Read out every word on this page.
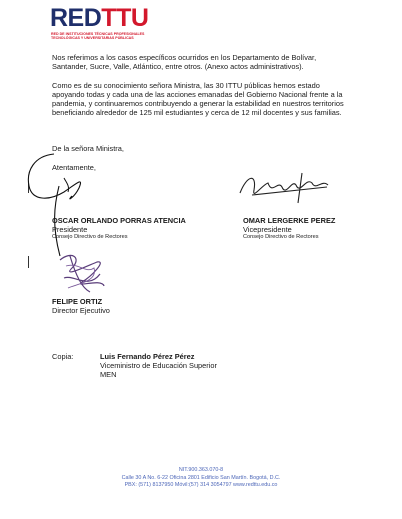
REDTTU
RED DE INSTITUCIONES TÉCNICAS PROFESIONALES
TECNOLÓGICAS Y UNIVERSITARIAS PÚBLICAS
Nos referimos a los casos específicos ocurridos en los Departamento de Bolívar, Santander, Sucre, Valle, Atlántico, entre otros. (Anexo actos administrativos).
Como es de su conocimiento señora Ministra, las 30 ITTU públicas hemos estado apoyando todas y cada una de las acciones emanadas del Gobierno Nacional frente a la pandemia, y continuaremos contribuyendo a generar la estabilidad en nuestros territorios beneficiando alrededor de 125 mil estudiantes y cerca de 12 mil docentes y sus familias.
De la señora Ministra,
Atentamente,
OSCAR ORLANDO PORRAS ATENCIA
Presidente
Consejo Directivo de Rectores
OMAR LERGERKE PEREZ
Vicepresidente
Consejo Directivo de Rectores
FELIPE ORTIZ
Director Ejecutivo
Copia:	Luis Fernando Pérez Pérez
Viceministro de Educación Superior
MEN
NIT.900.363.070-8
Calle 30 A No. 6-22 Oficina 2801 Edificio San Martín. Bogotá, D.C.
PBX: (571) 8137950 Móvil:(57) 314 3054797 www.redttu.edu.co
